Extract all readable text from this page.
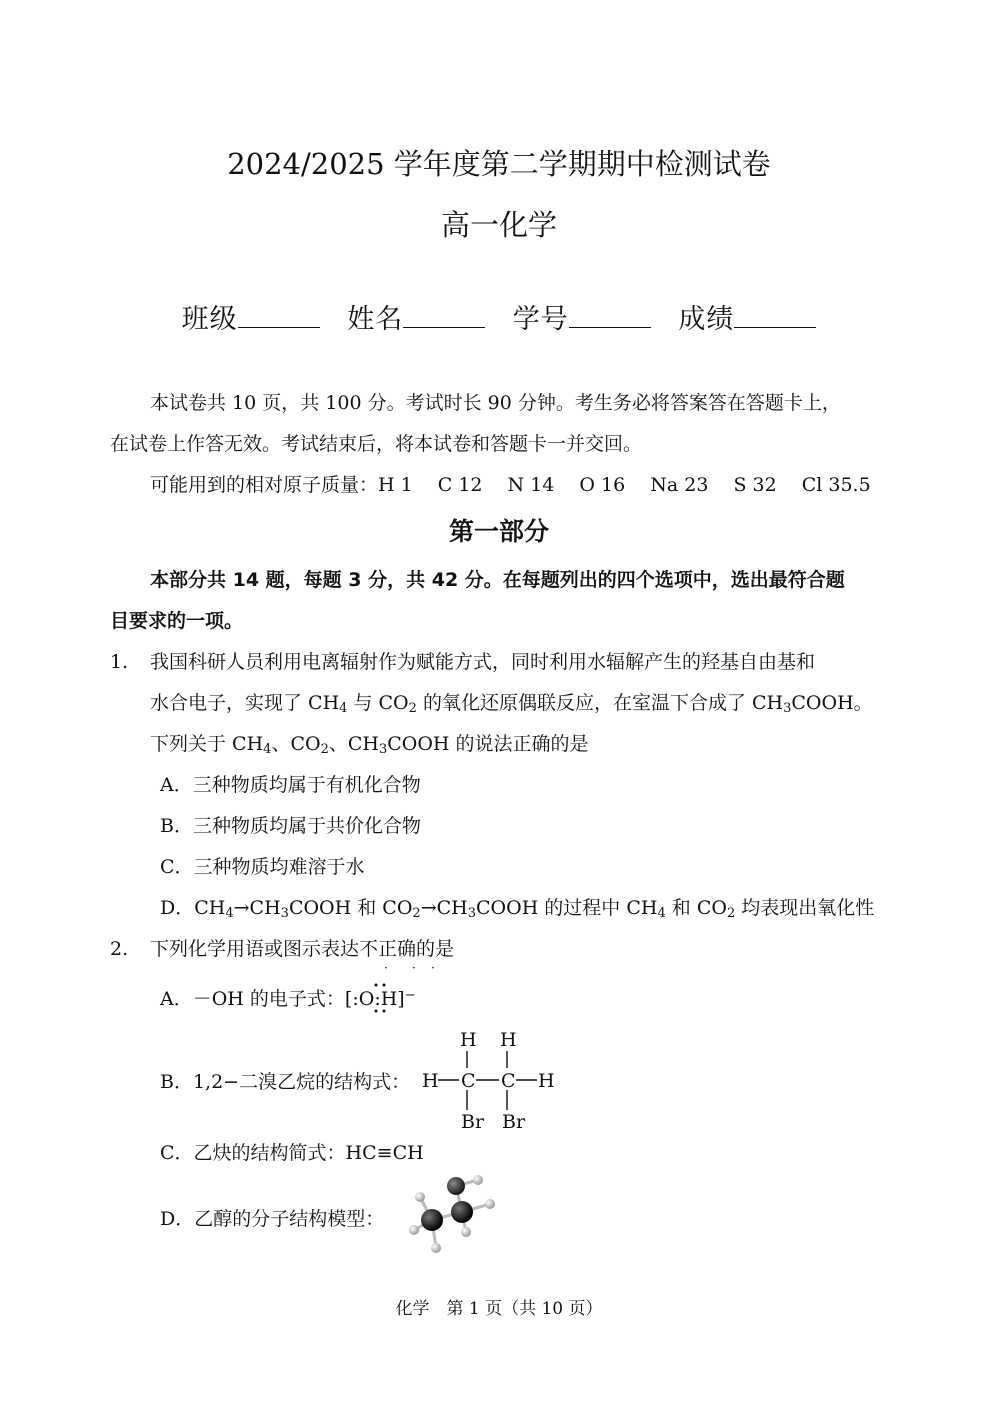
2024/2025 学年度第二学期期中检测试卷
高一化学
班级	姓名	学号	成绩
本试卷共 10 页，共 100 分。考试时长 90 分钟。考生务必将答案答在答题卡上，
在试卷上作答无效。考试结束后，将本试卷和答题卡一并交回。
可能用到的相对原子质量：H 1　 C 12　 N 14　 O 16　 Na 23　 S 32　 Cl 35.5
第一部分
本部分共 14 题，每题 3 分，共 42 分。在每题列出的四个选项中，选出最符合题
目要求的一项。
1. 我国科研人员利用电离辐射作为赋能方式，同时利用水辐解产生的羟基自由基和
水合电子，实现了 $CH_4$ 与 $CO_2$ 的氧化还原偶联反应，在室温下合成了 $CH_3COOH$。
下列关于 $CH_4$、$CO_2$、$CH_3COOH$ 的说法正确的是
A．三种物质均属于有机化合物
B．三种物质均属于共价化合物
C．三种物质均难溶于水
D．$CH_4\to CH_3COOH$ 和 $CO_2\to CH_3COOH$ 的过程中 $CH_4$ 和 $CO_2$ 均表现出氧化性
2. 下列化学用语或图示表达不正确的是
· · ·
A．－OH 的电子式：[:O:H]−
B．1,2−二溴乙烷的结构式：
H H
H C C H
Br Br
C．乙炔的结构简式：HC≡CH
D．乙醇的分子结构模型：
化学　第 1 页（共 10 页）
